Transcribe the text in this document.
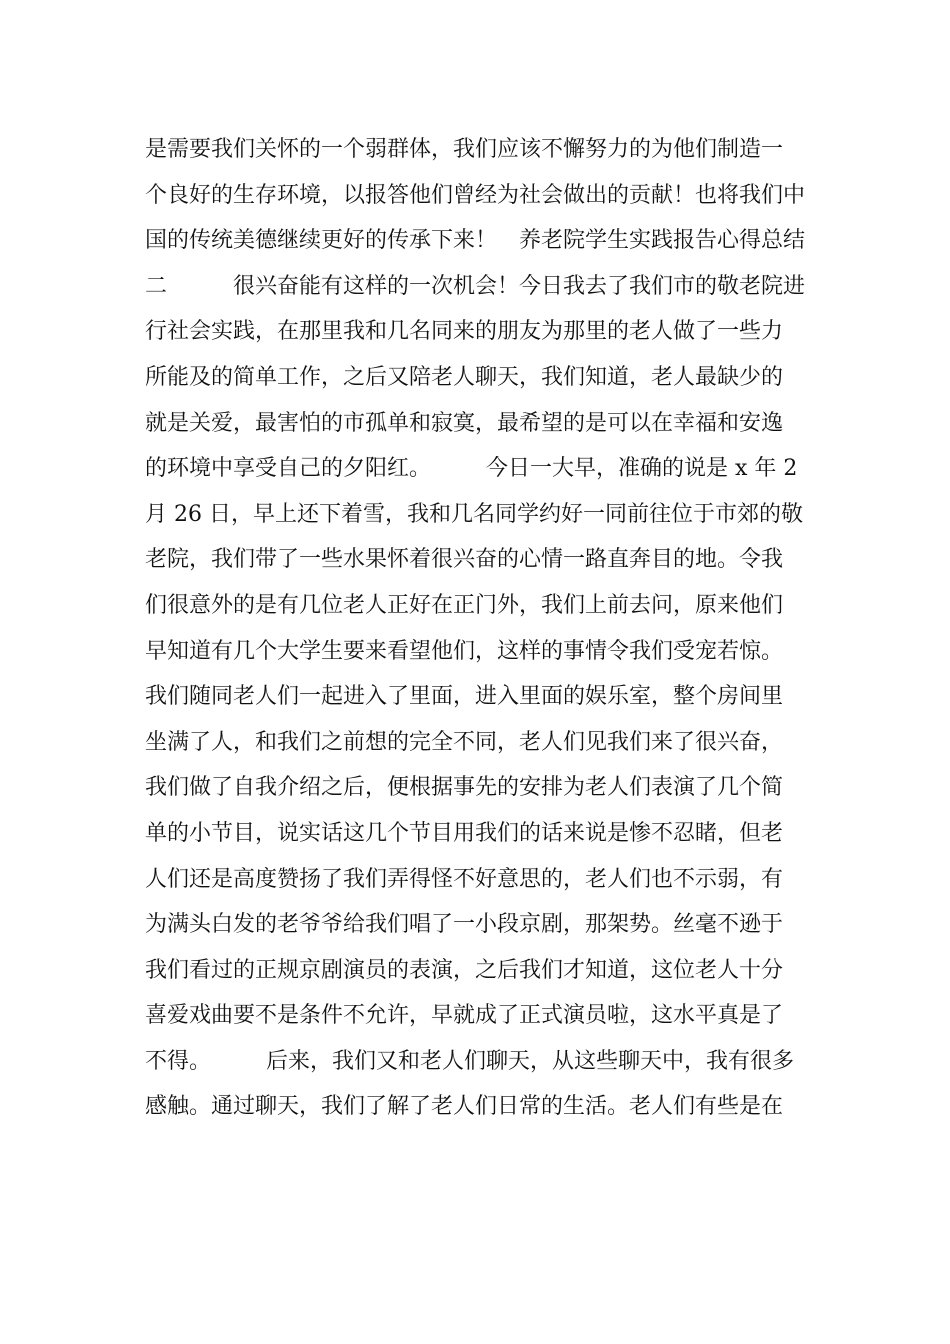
是需要我们关怀的一个弱群体，我们应该不懈努力的为他们制造一
个良好的生存环境，以报答他们曾经为社会做出的贡献！也将我们中
国的传统美德继续更好的传承下来！　养老院学生实践报告心得总结
二　　　很兴奋能有这样的一次机会！今日我去了我们市的敬老院进
行社会实践，在那里我和几名同来的朋友为那里的老人做了一些力
所能及的简单工作，之后又陪老人聊天，我们知道，老人最缺少的
就是关爱，最害怕的市孤单和寂寞，最希望的是可以在幸福和安逸
的环境中享受自己的夕阳红。　　　今日一大早，准确的说是 x 年 2
月 26 日，早上还下着雪，我和几名同学约好一同前往位于市郊的敬
老院，我们带了一些水果怀着很兴奋的心情一路直奔目的地。令我
们很意外的是有几位老人正好在正门外，我们上前去问，原来他们
早知道有几个大学生要来看望他们，这样的事情令我们受宠若惊。
我们随同老人们一起进入了里面，进入里面的娱乐室，整个房间里
坐满了人，和我们之前想的完全不同，老人们见我们来了很兴奋，
我们做了自我介绍之后，便根据事先的安排为老人们表演了几个简
单的小节目，说实话这几个节目用我们的话来说是惨不忍睹，但老
人们还是高度赞扬了我们弄得怪不好意思的，老人们也不示弱，有
为满头白发的老爷爷给我们唱了一小段京剧，那架势。丝毫不逊于
我们看过的正规京剧演员的表演，之后我们才知道，这位老人十分
喜爱戏曲要不是条件不允许，早就成了正式演员啦，这水平真是了
不得。　　　后来，我们又和老人们聊天，从这些聊天中，我有很多
感触。通过聊天，我们了解了老人们日常的生活。老人们有些是在
